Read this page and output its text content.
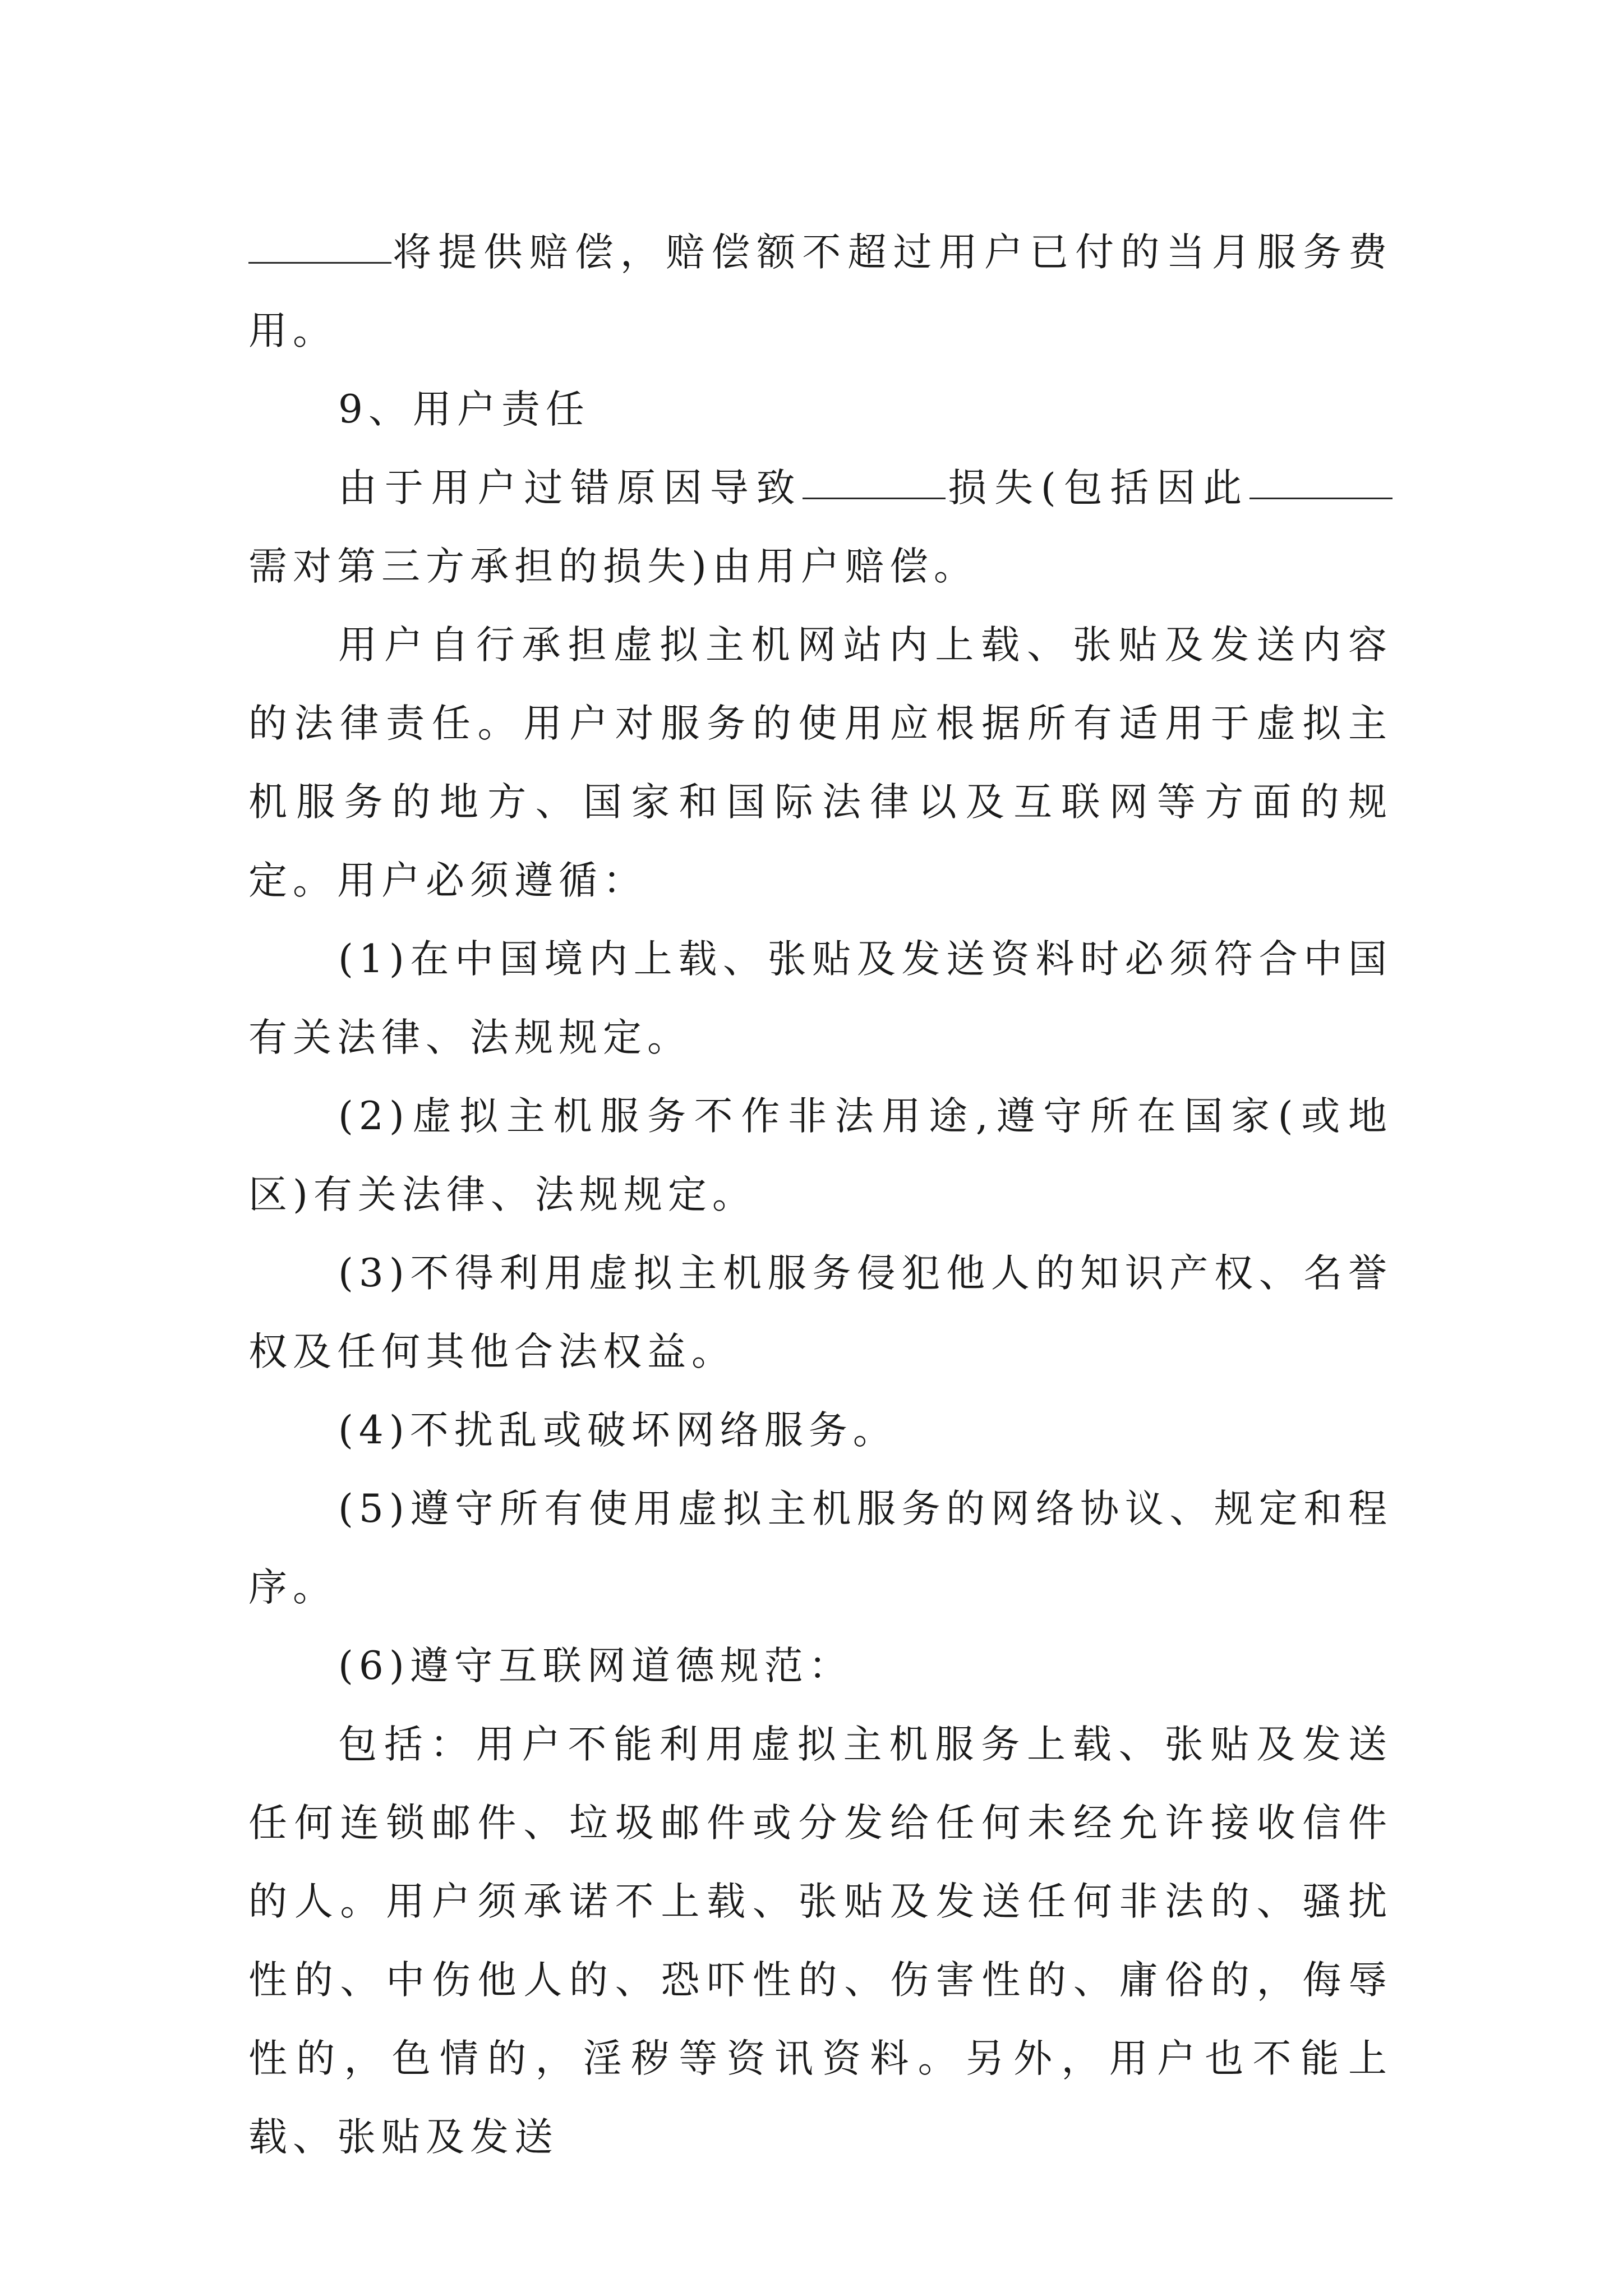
将提供赔偿，赔偿额不超过用户已付的当月服务费用。

9、用户责任

由于用户过错原因导致	损失(包括因此需对第三方承担的损失)由用户赔偿。

用户自行承担虚拟主机网站内上载、张贴及发送内容的法律责任。用户对服务的使用应根据所有适用于虚拟主机服务的地方、国家和国际法律以及互联网等方面的规定。用户必须遵循：

(1)在中国境内上载、张贴及发送资料时必须符合中国有关法律、法规规定。

(2)虚拟主机服务不作非法用途,遵守所在国家(或地区)有关法律、法规规定。

(3)不得利用虚拟主机服务侵犯他人的知识产权、名誉权及任何其他合法权益。

(4)不扰乱或破坏网络服务。

(5)遵守所有使用虚拟主机服务的网络协议、规定和程序。

(6)遵守互联网道德规范：

包括：用户不能利用虚拟主机服务上载、张贴及发送任何连锁邮件、垃圾邮件或分发给任何未经允许接收信件的人。用户须承诺不上载、张贴及发送任何非法的、骚扰性的、中伤他人的、恐吓性的、伤害性的、庸俗的，侮辱性的，色情的，淫秽等资讯资料。另外，用户也不能上载、张贴及发送
